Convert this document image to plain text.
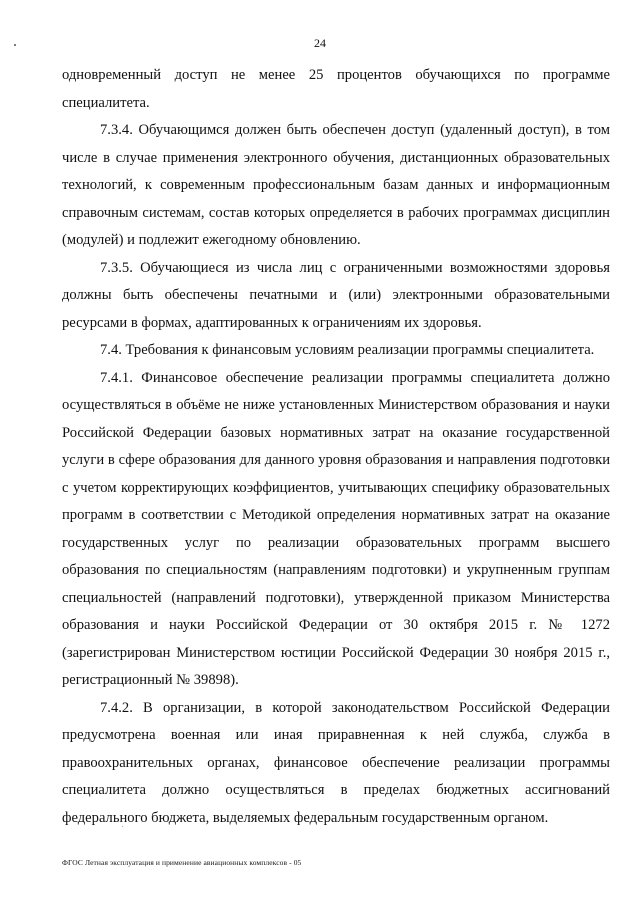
24

одновременный доступ не менее 25 процентов обучающихся по программе специалитета.

7.3.4. Обучающимся должен быть обеспечен доступ (удаленный доступ), в том числе в случае применения электронного обучения, дистанционных образовательных технологий, к современным профессиональным базам данных и информационным справочным системам, состав которых определяется в рабочих программах дисциплин (модулей) и подлежит ежегодному обновлению.

7.3.5. Обучающиеся из числа лиц с ограниченными возможностями здоровья должны быть обеспечены печатными и (или) электронными образовательными ресурсами в формах, адаптированных к ограничениям их здоровья.

7.4. Требования к финансовым условиям реализации программы специалитета.

7.4.1. Финансовое обеспечение реализации программы специалитета должно осуществляться в объёме не ниже установленных Министерством образования и науки Российской Федерации базовых нормативных затрат на оказание государственной услуги в сфере образования для данного уровня образования и направления подготовки с учетом корректирующих коэффициентов, учитывающих специфику образовательных программ в соответствии с Методикой определения нормативных затрат на оказание государственных услуг по реализации образовательных программ высшего образования по специальностям (направлениям подготовки) и укрупненным группам специальностей (направлений подготовки), утвержденной приказом Министерства образования и науки Российской Федерации от 30 октября 2015 г. № 1272 (зарегистрирован Министерством юстиции Российской Федерации 30 ноября 2015 г., регистрационный № 39898).

7.4.2. В организации, в которой законодательством Российской Федерации предусмотрена военная или иная приравненная к ней служба, служба в правоохранительных органах, финансовое обеспечение реализации программы специалитета должно осуществляться в пределах бюджетных ассигнований федерального бюджета, выделяемых федеральным государственным органом.

ФГОС Летная эксплуатация и применение авиационных комплексов - 05
